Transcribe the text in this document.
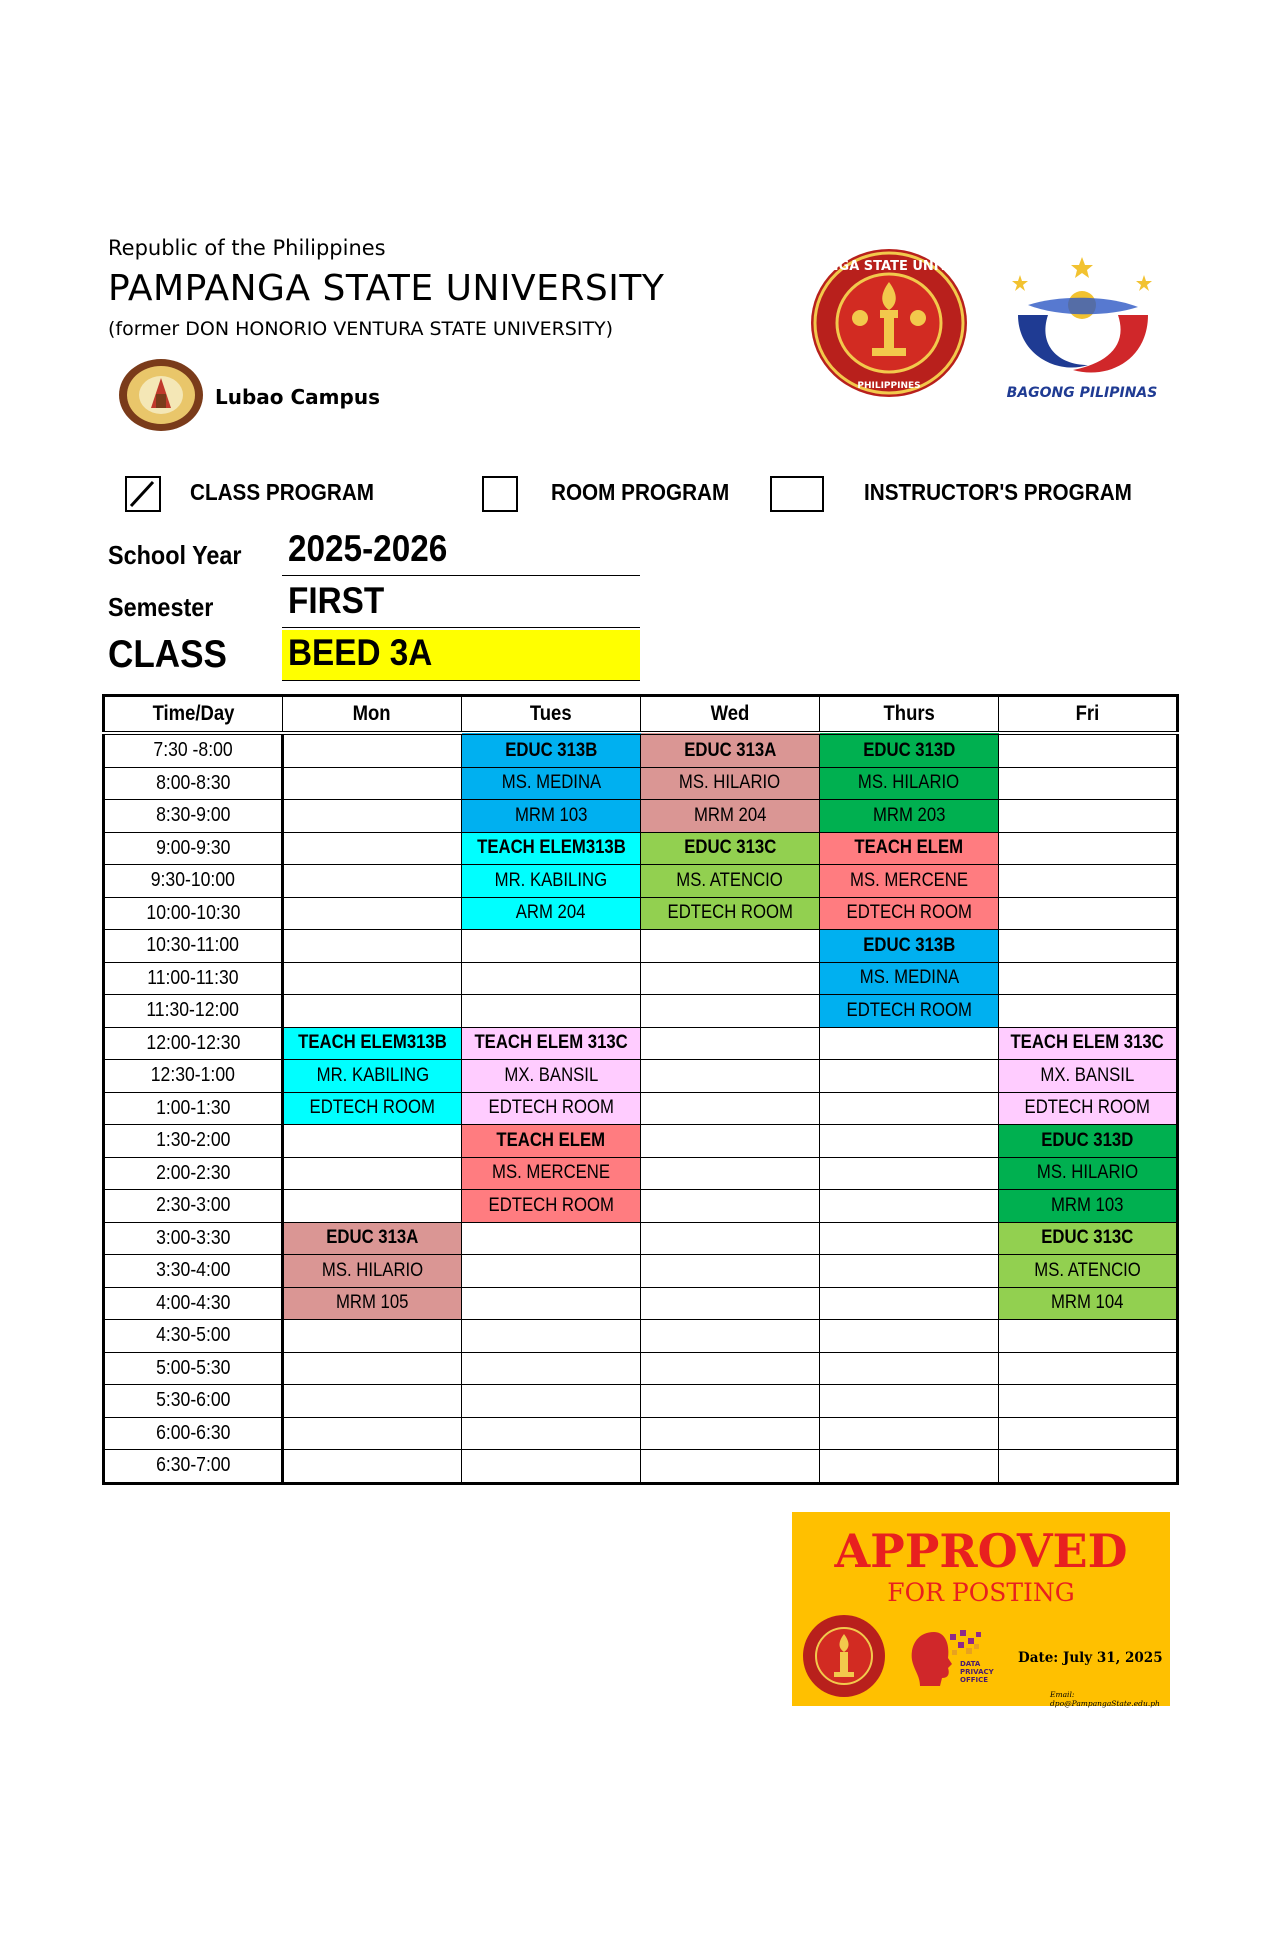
Republic of the Philippines
PAMPANGA STATE UNIVERSITY
(former DON HONORIO VENTURA STATE UNIVERSITY)
Lubao Campus
PAMPANGA STATE UNIVERSITY
PHILIPPINES	BAGONG PILIPINAS
CLASS PROGRAM	ROOM PROGRAM	INSTRUCTOR'S PROGRAM
School Year 2025-2026
Semester FIRST
CLASS BEED 3A
Time/Day	Mon	Tues	Wed	Thurs	Fri
7:30 -8:00		EDUC 313B	EDUC 313A	EDUC 313D	
8:00-8:30		MS. MEDINA	MS. HILARIO	MS. HILARIO	
8:30-9:00		MRM 103	MRM 204	MRM 203	
9:00-9:30		TEACH ELEM313B	EDUC 313C	TEACH ELEM	
9:30-10:00		MR. KABILING	MS. ATENCIO	MS. MERCENE	
10:00-10:30		ARM 204	EDTECH ROOM	EDTECH ROOM	
10:30-11:00				EDUC 313B	
11:00-11:30				MS. MEDINA	
11:30-12:00				EDTECH ROOM	
12:00-12:30	TEACH ELEM313B	TEACH ELEM 313C			TEACH ELEM 313C
12:30-1:00	MR. KABILING	MX. BANSIL			MX. BANSIL
1:00-1:30	EDTECH ROOM	EDTECH ROOM			EDTECH ROOM
1:30-2:00		TEACH ELEM			EDUC 313D
2:00-2:30		MS. MERCENE			MS. HILARIO
2:30-3:00		EDTECH ROOM			MRM 103
3:00-3:30	EDUC 313A				EDUC 313C
3:30-4:00	MS. HILARIO				MS. ATENCIO
4:00-4:30	MRM 105				MRM 104
4:30-5:00					
5:00-5:30					
5:30-6:00					
6:00-6:30					
6:30-7:00					
APPROVED
FOR POSTING
DATA PRIVACY OFFICE
Date: July 31, 2025
Email: dpo@PampangaState.edu.ph
